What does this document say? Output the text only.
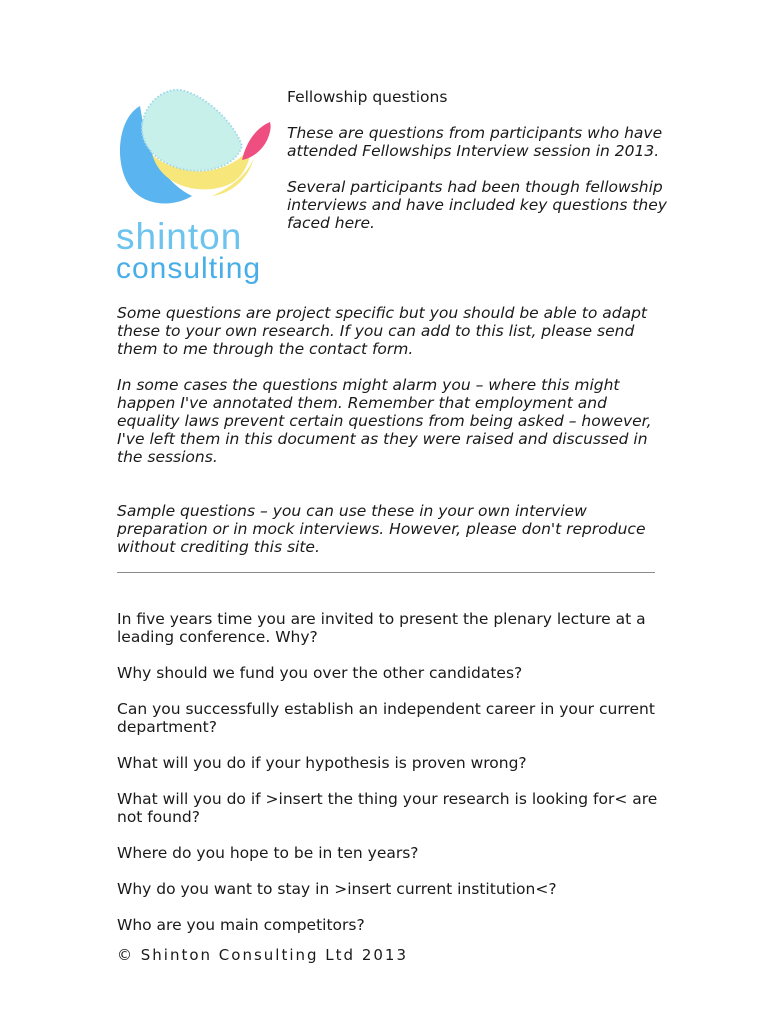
shinton
consulting

Fellowship questions

These are questions from participants who have attended Fellowships Interview session in 2013.

Several participants had been though fellowship interviews and have included key questions they faced here.

Some questions are project specific but you should be able to adapt these to your own research. If you can add to this list, please send them to me through the contact form.

In some cases the questions might alarm you – where this might happen I've annotated them. Remember that employment and equality laws prevent certain questions from being asked – however, I've left them in this document as they were raised and discussed in the sessions.

Sample questions – you can use these in your own interview preparation or in mock interviews. However, please don't reproduce without crediting this site.

In five years time you are invited to present the plenary lecture at a leading conference. Why?

Why should we fund you over the other candidates?

Can you successfully establish an independent career in your current department?

What will you do if your hypothesis is proven wrong?

What will you do if >insert the thing your research is looking for< are not found?

Where do you hope to be in ten years?

Why do you want to stay in >insert current institution<?

Who are you main competitors?

© Shinton Consulting Ltd 2013
